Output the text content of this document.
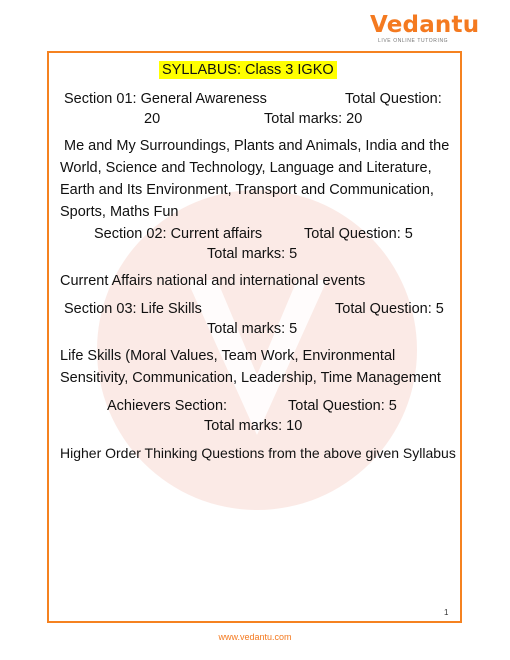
Vedantu
LIVE ONLINE TUTORING
SYLLABUS: Class 3 IGKO
Section 01: General Awareness	Total Question:
20	Total marks: 20
Me and My Surroundings, Plants and Animals, India and the World, Science and Technology, Language and Literature, Earth and Its Environment, Transport and Communication, Sports, Maths Fun
Section 02: Current affairs	Total Question: 5
Total marks: 5
Current Affairs national and international events
Section 03: Life Skills	Total Question: 5
Total marks: 5
Life Skills (Moral Values, Team Work, Environmental Sensitivity, Communication, Leadership, Time Management
Achievers Section:	Total Question: 5
Total marks: 10
Higher Order Thinking Questions from the above given Syllabus
1
www.vedantu.com
